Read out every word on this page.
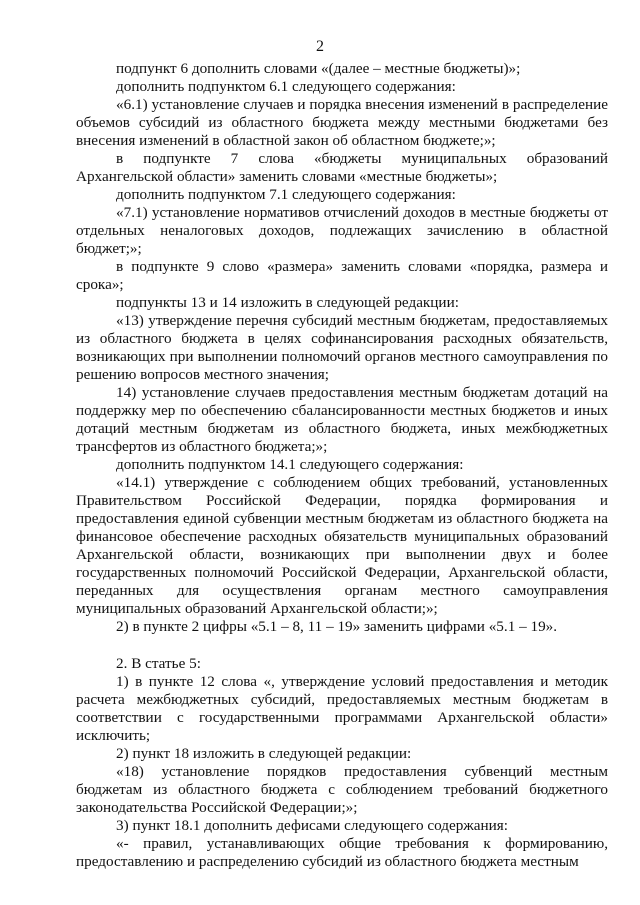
2

подпункт 6 дополнить словами «(далее – местные бюджеты)»;

дополнить подпунктом 6.1 следующего содержания:

«6.1) установление случаев и порядка внесения изменений в распределение объемов субсидий из областного бюджета между местными бюджетами без внесения изменений в областной закон об областном бюджете;»;

в подпункте 7 слова «бюджеты муниципальных образований Архангельской области» заменить словами «местные бюджеты»;

дополнить подпунктом 7.1 следующего содержания:

«7.1) установление нормативов отчислений доходов в местные бюджеты от отдельных неналоговых доходов, подлежащих зачислению в областной бюджет;»;

в подпункте 9 слово «размера» заменить словами «порядка, размера и срока»;

подпункты 13 и 14 изложить в следующей редакции:

«13) утверждение перечня субсидий местным бюджетам, предоставляемых из областного бюджета в целях софинансирования расходных обязательств, возникающих при выполнении полномочий органов местного самоуправления по решению вопросов местного значения;

14) установление случаев предоставления местным бюджетам дотаций на поддержку мер по обеспечению сбалансированности местных бюджетов и иных дотаций местным бюджетам из областного бюджета, иных межбюджетных трансфертов из областного бюджета;»;

дополнить подпунктом 14.1 следующего содержания:

«14.1) утверждение с соблюдением общих требований, установленных Правительством Российской Федерации, порядка формирования и предоставления единой субвенции местным бюджетам из областного бюджета на финансовое обеспечение расходных обязательств муниципальных образований Архангельской области, возникающих при выполнении двух и более государственных полномочий Российской Федерации, Архангельской области, переданных для осуществления органам местного самоуправления муниципальных образований Архангельской области;»;

2) в пункте 2 цифры «5.1 – 8, 11 – 19» заменить цифрами «5.1 – 19».

2. В статье 5:

1) в пункте 12 слова «, утверждение условий предоставления и методик расчета межбюджетных субсидий, предоставляемых местным бюджетам в соответствии с государственными программами Архангельской области» исключить;

2) пункт 18 изложить в следующей редакции:

«18) установление порядков предоставления субвенций местным бюджетам из областного бюджета с соблюдением требований бюджетного законодательства Российской Федерации;»;

3) пункт 18.1 дополнить дефисами следующего содержания:

«- правил, устанавливающих общие требования к формированию, предоставлению и распределению субсидий из областного бюджета местным
